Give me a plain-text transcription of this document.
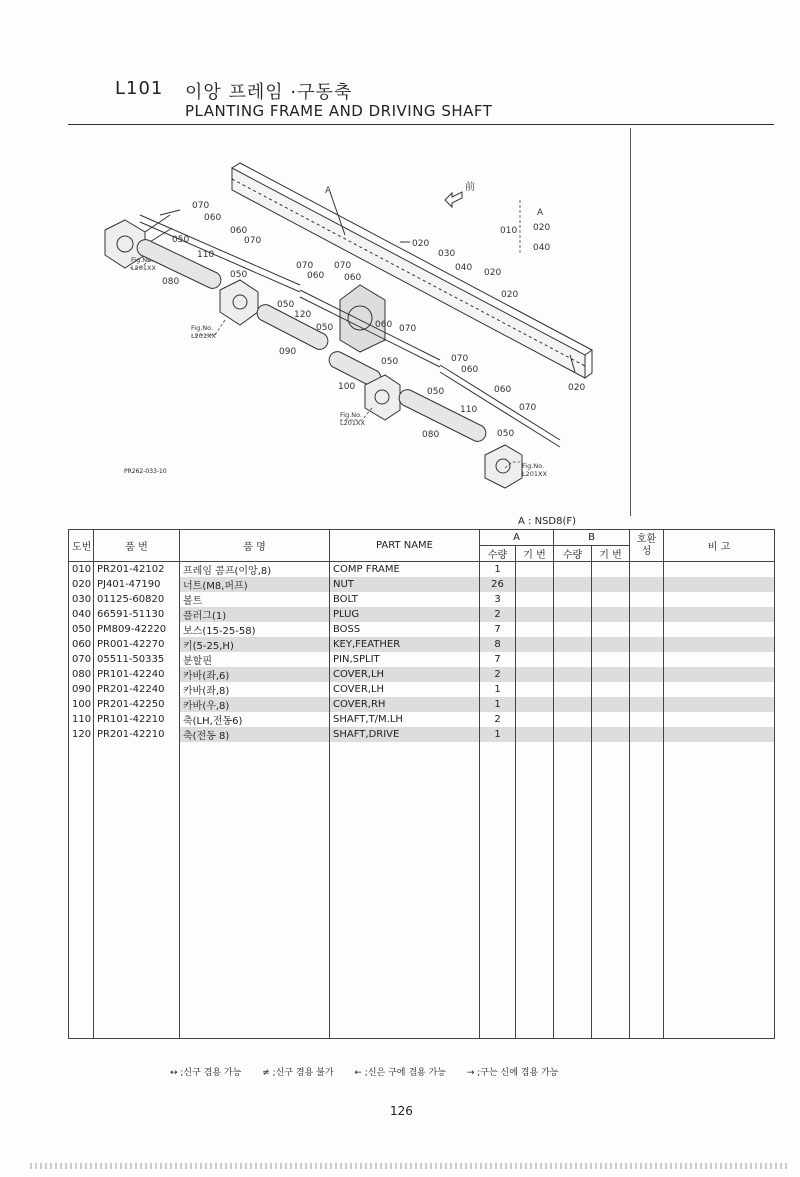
L101 이앙 프레임 ·구동축
PLANTING FRAME AND DRIVING SHAFT
A	前
070
060
050
110
060
070
050
080
070
060
070
060
050
120
050
090
060 070
050	070
060
050
100
110
060
070
050
080
020
030
040 020
020
020
010
A
020
040
Fig.No.
L201XX
Fig.No.
L201XX
Fig.No.
L201XX
Fig.No.
L201XX
PR262-033-10
A : NSD8(F)
도번	품 번	품 명	PART NAME	A		B		호환성	비 고
				수량	기 번	수량	기 번		
010	PR201-42102	프레임 콤프(이앙,8)	COMP FRAME	1					
020	PJ401-47190	너트(M8,퍼프)	NUT	26					
030	01125-60820	볼트	BOLT	3					
040	66591-51130	플러그(1)	PLUG	2					
050	PM809-42220	보스(15-25-58)	BOSS	7					
060	PR001-42270	키(5-25,H)	KEY,FEATHER	8					
070	05511-50335	분할핀	PIN,SPLIT	7					
080	PR101-42240	카바(좌,6)	COVER,LH	2					
090	PR201-42240	카바(좌,8)	COVER,LH	1					
100	PR201-42250	카바(우,8)	COVER,RH	1					
110	PR101-42210	축(LH,전동6)	SHAFT,T/M.LH	2					
120	PR201-42210	축(전동 8)	SHAFT,DRIVE	1					

↔ ;신구 겸용 가능 ≠ ;신구 겸용 불가 ← ;신은 구에 겸용 가능 → ;구는 신에 겸용 가능
126
